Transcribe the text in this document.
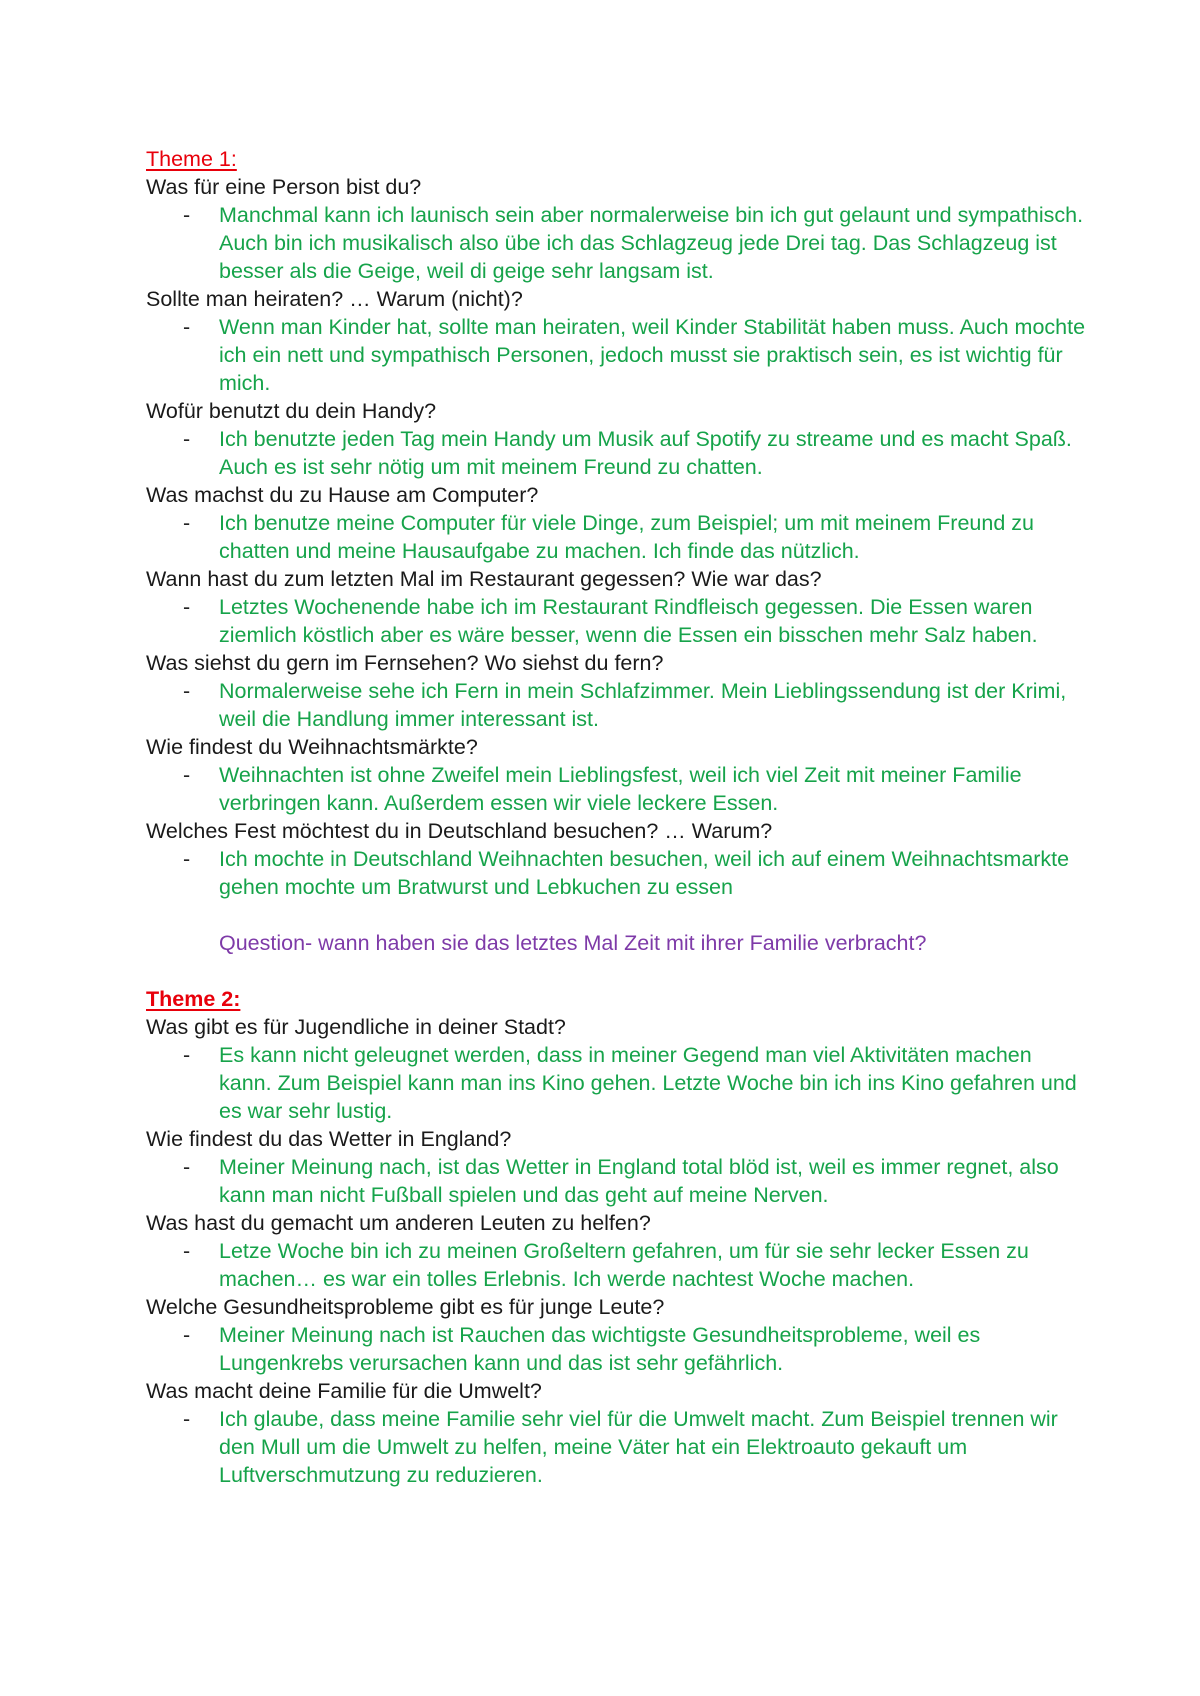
Theme 1:
Was für eine Person bist du?
- Manchmal kann ich launisch sein aber normalerweise bin ich gut gelaunt und sympathisch. Auch bin ich musikalisch also übe ich das Schlagzeug jede Drei tag. Das Schlagzeug ist besser als die Geige, weil di geige sehr langsam ist.
Sollte man heiraten? … Warum (nicht)?
- Wenn man Kinder hat, sollte man heiraten, weil Kinder Stabilität haben muss. Auch mochte ich ein nett und sympathisch Personen, jedoch musst sie praktisch sein, es ist wichtig für mich.
Wofür benutzt du dein Handy?
- Ich benutzte jeden Tag mein Handy um Musik auf Spotify zu streame und es macht Spaß. Auch es ist sehr nötig um mit meinem Freund zu chatten.
Was machst du zu Hause am Computer?
- Ich benutze meine Computer für viele Dinge, zum Beispiel; um mit meinem Freund zu chatten und meine Hausaufgabe zu machen. Ich finde das nützlich.
Wann hast du zum letzten Mal im Restaurant gegessen? Wie war das?
- Letztes Wochenende habe ich im Restaurant Rindfleisch gegessen. Die Essen waren ziemlich köstlich aber es wäre besser, wenn die Essen ein bisschen mehr Salz haben.
Was siehst du gern im Fernsehen? Wo siehst du fern?
- Normalerweise sehe ich Fern in mein Schlafzimmer. Mein Lieblingssendung ist der Krimi, weil die Handlung immer interessant ist.
Wie findest du Weihnachtsmärkte?
- Weihnachten ist ohne Zweifel mein Lieblingsfest, weil ich viel Zeit mit meiner Familie verbringen kann. Außerdem essen wir viele leckere Essen.
Welches Fest möchtest du in Deutschland besuchen? … Warum?
- Ich mochte in Deutschland Weihnachten besuchen, weil ich auf einem Weihnachtsmarkte gehen mochte um Bratwurst und Lebkuchen zu essen
Question- wann haben sie das letztes Mal Zeit mit ihrer Familie verbracht?
Theme 2:
Was gibt es für Jugendliche in deiner Stadt?
- Es kann nicht geleugnet werden, dass in meiner Gegend man viel Aktivitäten machen kann. Zum Beispiel kann man ins Kino gehen. Letzte Woche bin ich ins Kino gefahren und es war sehr lustig.
Wie findest du das Wetter in England?
- Meiner Meinung nach, ist das Wetter in England total blöd ist, weil es immer regnet, also kann man nicht Fußball spielen und das geht auf meine Nerven.
Was hast du gemacht um anderen Leuten zu helfen?
- Letze Woche bin ich zu meinen Großeltern gefahren, um für sie sehr lecker Essen zu machen… es war ein tolles Erlebnis. Ich werde nachtest Woche machen.
Welche Gesundheitsprobleme gibt es für junge Leute?
- Meiner Meinung nach ist Rauchen das wichtigste Gesundheitsprobleme, weil es Lungenkrebs verursachen kann und das ist sehr gefährlich.
Was macht deine Familie für die Umwelt?
- Ich glaube, dass meine Familie sehr viel für die Umwelt macht. Zum Beispiel trennen wir den Mull um die Umwelt zu helfen, meine Väter hat ein Elektroauto gekauft um Luftverschmutzung zu reduzieren.
